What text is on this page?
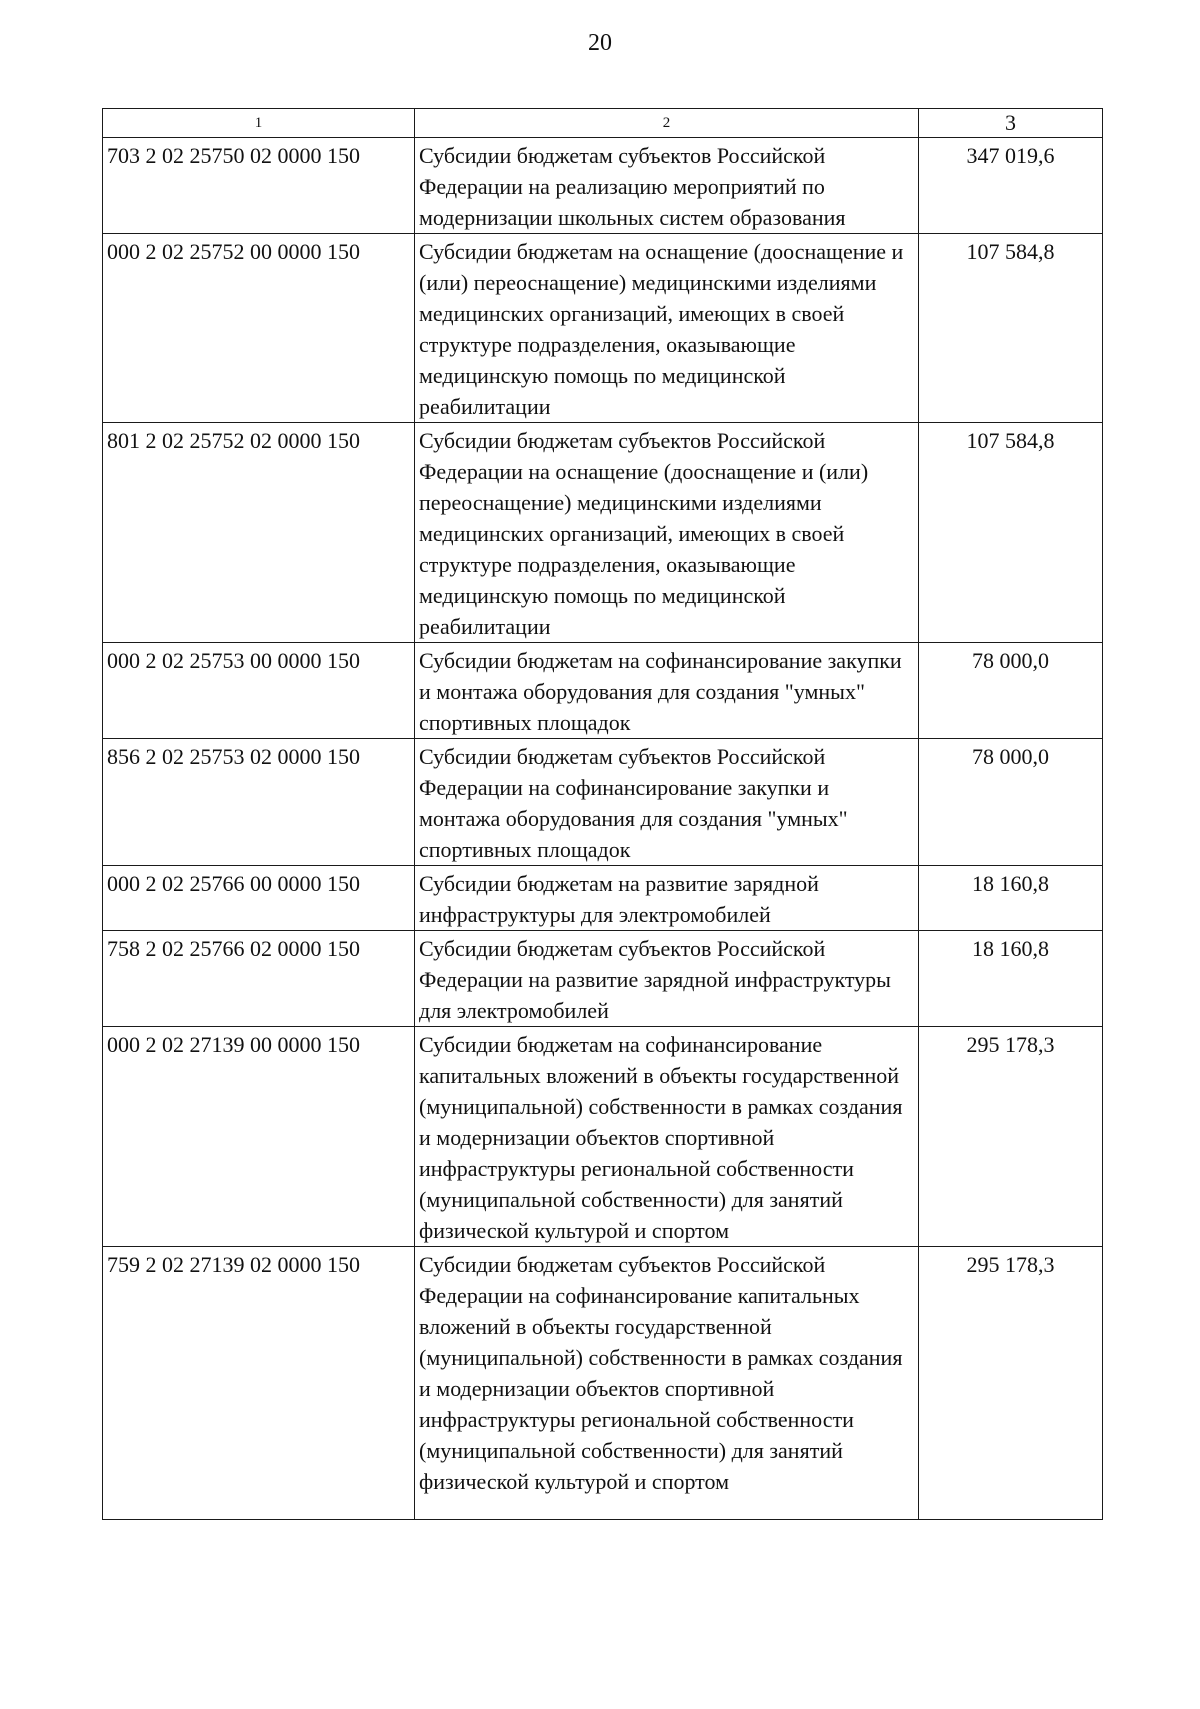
20
1	2	3
703 2 02 25750 02 0000 150	Субсидии бюджетам субъектов Российской Федерации на реализацию мероприятий по модернизации школьных систем образования	347 019,6
000 2 02 25752 00 0000 150	Субсидии бюджетам на оснащение (дооснащение и (или) переоснащение) медицинскими изделиями медицинских организаций, имеющих в своей структуре подразделения, оказывающие медицинскую помощь по медицинской реабилитации	107 584,8
801 2 02 25752 02 0000 150	Субсидии бюджетам субъектов Российской Федерации на оснащение (дооснащение и (или) переоснащение) медицинскими изделиями медицинских организаций, имеющих в своей структуре подразделения, оказывающие медицинскую помощь по медицинской реабилитации	107 584,8
000 2 02 25753 00 0000 150	Субсидии бюджетам на софинансирование закупки и монтажа оборудования для создания "умных" спортивных площадок	78 000,0
856 2 02 25753 02 0000 150	Субсидии бюджетам субъектов Российской Федерации на софинансирование закупки и монтажа оборудования для создания "умных" спортивных площадок	78 000,0
000 2 02 25766 00 0000 150	Субсидии бюджетам на развитие зарядной инфраструктуры для электромобилей	18 160,8
758 2 02 25766 02 0000 150	Субсидии бюджетам субъектов Российской Федерации на развитие зарядной инфраструктуры для электромобилей	18 160,8
000 2 02 27139 00 0000 150	Субсидии бюджетам на софинансирование капитальных вложений в объекты государственной (муниципальной) собственности в рамках создания и модернизации объектов спортивной инфраструктуры региональной собственности (муниципальной собственности) для занятий физической культурой и спортом	295 178,3
759 2 02 27139 02 0000 150	Субсидии бюджетам субъектов Российской Федерации на софинансирование капитальных вложений в объекты государственной (муниципальной) собственности в рамках создания и модернизации объектов спортивной инфраструктуры региональной собственности (муниципальной собственности) для занятий физической культурой и спортом	295 178,3
